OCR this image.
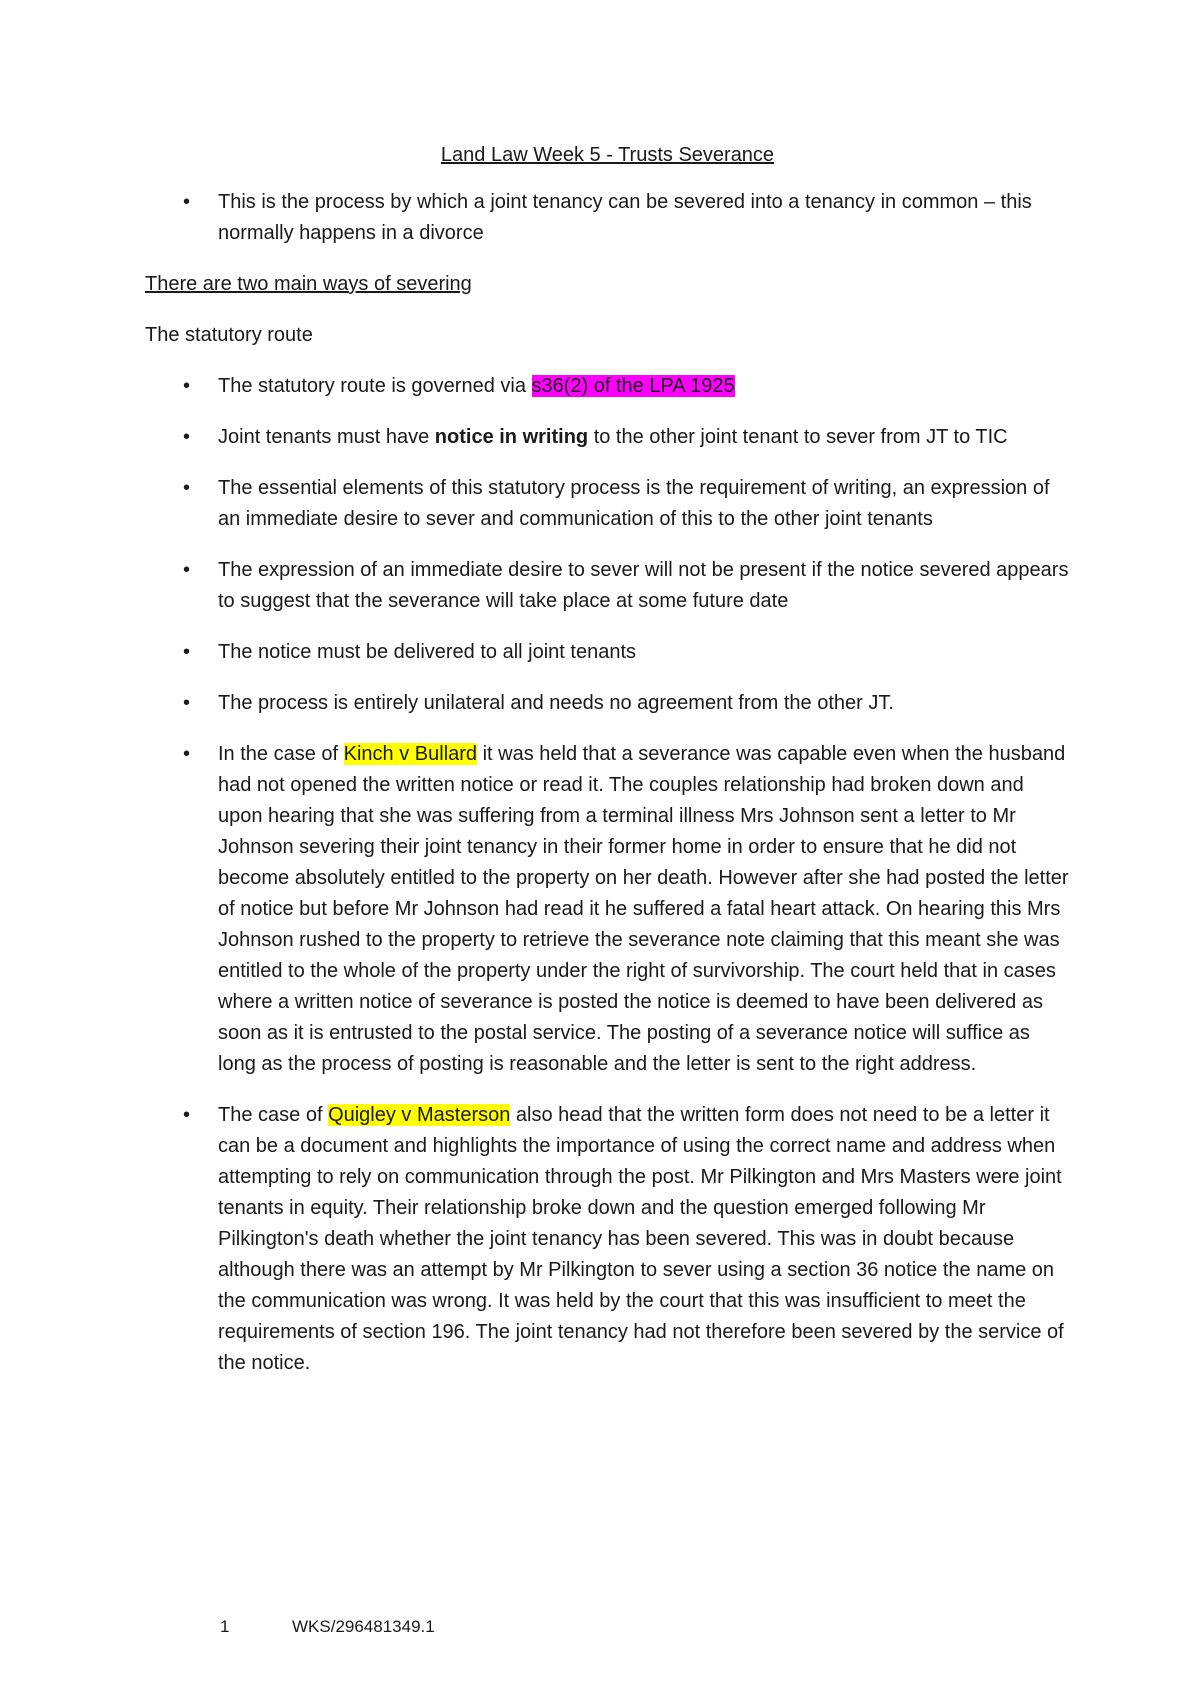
Land Law Week 5 - Trusts Severance
• This is the process by which a joint tenancy can be severed into a tenancy in common – this normally happens in a divorce

There are two main ways of severing

The statutory route

• The statutory route is governed via s36(2) of the LPA 1925
• Joint tenants must have notice in writing to the other joint tenant to sever from JT to TIC
• The essential elements of this statutory process is the requirement of writing, an expression of an immediate desire to sever and communication of this to the other joint tenants
• The expression of an immediate desire to sever will not be present if the notice severed appears to suggest that the severance will take place at some future date
• The notice must be delivered to all joint tenants
• The process is entirely unilateral and needs no agreement from the other JT.
• In the case of Kinch v Bullard it was held that a severance was capable even when the husband had not opened the written notice or read it. The couples relationship had broken down and upon hearing that she was suffering from a terminal illness Mrs Johnson sent a letter to Mr Johnson severing their joint tenancy in their former home in order to ensure that he did not become absolutely entitled to the property on her death. However after she had posted the letter of notice but before Mr Johnson had read it he suffered a fatal heart attack. On hearing this Mrs Johnson rushed to the property to retrieve the severance note claiming that this meant she was entitled to the whole of the property under the right of survivorship. The court held that in cases where a written notice of severance is posted the notice is deemed to have been delivered as soon as it is entrusted to the postal service. The posting of a severance notice will suffice as long as the process of posting is reasonable and the letter is sent to the right address.
• The case of Quigley v Masterson also head that the written form does not need to be a letter it can be a document and highlights the importance of using the correct name and address when attempting to rely on communication through the post. Mr Pilkington and Mrs Masters were joint tenants in equity. Their relationship broke down and the question emerged following Mr Pilkington's death whether the joint tenancy has been severed. This was in doubt because although there was an attempt by Mr Pilkington to sever using a section 36 notice the name on the communication was wrong. It was held by the court that this was insufficient to meet the requirements of section 196. The joint tenancy had not therefore been severed by the service of the notice.
1	WKS/296481349.1
